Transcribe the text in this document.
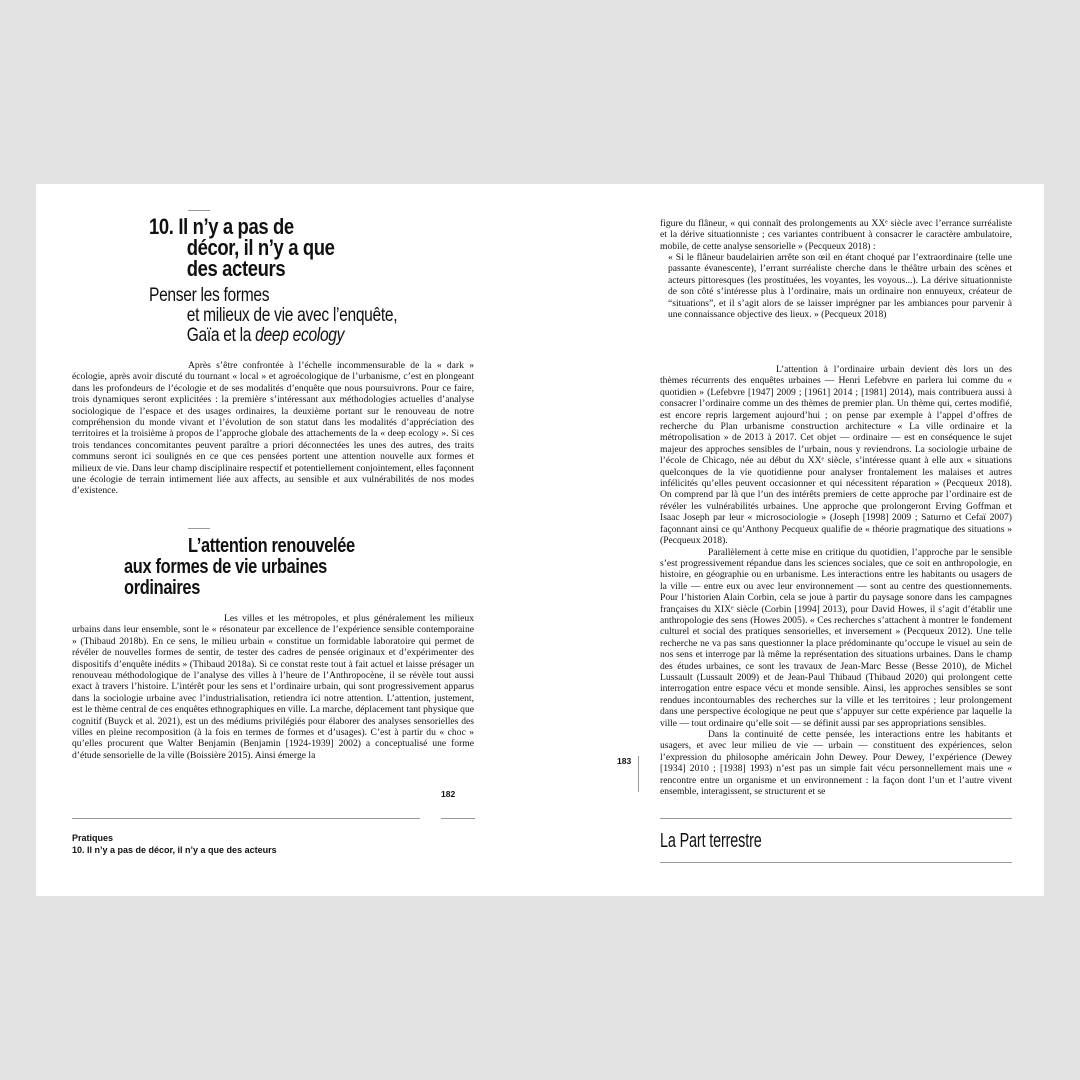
10. Il n’y a pas de
décor, il n’y a que
des acteurs
Penser les formes
et milieux de vie avec l’enquête,
Gaïa et la deep ecology
Après s’être confrontée à l’échelle incommensurable de la « dark » écologie, après avoir discuté du tournant « local » et agroécologique de l’urbanisme, c’est en plongeant dans les profondeurs de l’écologie et de ses modalités d’enquête que nous poursuivrons. Pour ce faire, trois dynamiques seront explicitées : la première s’intéressant aux méthodologies actuelles d’analyse sociologique de l’espace et des usages ordinaires, la deuxième portant sur le renouveau de notre compréhension du monde vivant et l’évolution de son statut dans les modalités d’appréciation des territoires et la troisième à propos de l’approche globale des attachements de la « deep ecology ». Si ces trois tendances concomitantes peuvent paraître a priori déconnectées les unes des autres, des traits communs seront ici soulignés en ce que ces pensées portent une attention nouvelle aux formes et milieux de vie. Dans leur champ disciplinaire respectif et potentiellement conjointement, elles façonnent une écologie de terrain intimement liée aux affects, au sensible et aux vulnérabilités de nos modes d’existence.
L’attention renouvelée
aux formes de vie urbaines
ordinaires
Les villes et les métropoles, et plus généralement les milieux urbains dans leur ensemble, sont le « résonateur par excellence de l’expérience sensible contemporaine » (Thibaud 2018b). En ce sens, le milieu urbain « constitue un formidable laboratoire qui permet de révéler de nouvelles formes de sentir, de tester des cadres de pensée originaux et d’expérimenter des dispositifs d’enquête inédits » (Thibaud 2018a). Si ce constat reste tout à fait actuel et laisse présager un renouveau méthodologique de l’analyse des villes à l’heure de l’Anthropocène, il se révèle tout aussi exact à travers l’histoire. L’intérêt pour les sens et l’ordinaire urbain, qui sont progressivement apparus dans la sociologie urbaine avec l’industrialisation, retiendra ici notre attention. L’attention, justement, est le thème central de ces enquêtes ethnographiques en ville. La marche, déplacement tant physique que cognitif (Buyck et al. 2021), est un des médiums privilégiés pour élaborer des analyses sensorielles des villes en pleine recomposition (à la fois en termes de formes et d’usages). C’est à partir du « choc » qu’elles procurent que Walter Benjamin (Benjamin [1924-1939] 2002) a conceptualisé une forme d’étude sensorielle de la ville (Boissière 2015). Ainsi émerge la
182
Pratiques
10. Il n’y a pas de décor, il n’y a que des acteurs
figure du flâneur, « qui connaît des prolongements au XXᵉ siècle avec l’errance surréaliste et la dérive situationniste ; ces variantes contribuent à consacrer le caractère ambulatoire, mobile, de cette analyse sensorielle » (Pecqueux 2018) :
« Si le flâneur baudelairien arrête son œil en étant choqué par l’extraordinaire (telle une passante évanescente), l’errant surréaliste cherche dans le théâtre urbain des scènes et acteurs pittoresques (les prostituées, les voyantes, les voyous...). La dérive situationniste de son côté s’intéresse plus à l’ordinaire, mais un ordinaire non ennuyeux, créateur de “situations”, et il s’agit alors de se laisser imprégner par les ambiances pour parvenir à une connaissance objective des lieux. » (Pecqueux 2018)
L’attention à l’ordinaire urbain devient dès lors un des thèmes récurrents des enquêtes urbaines — Henri Lefebvre en parlera lui comme du « quotidien » (Lefebvre [1947] 2009 ; [1961] 2014 ; [1981] 2014), mais contribuera aussi à consacrer l’ordinaire comme un des thèmes de premier plan. Un thème qui, certes modifié, est encore repris largement aujourd’hui ; on pense par exemple à l’appel d’offres de recherche du Plan urbanisme construction architecture « La ville ordinaire et la métropolisation » de 2013 à 2017. Cet objet — ordinaire — est en conséquence le sujet majeur des approches sensibles de l’urbain, nous y reviendrons. La sociologie urbaine de l’école de Chicago, née au début du XXᵉ siècle, s’intéresse quant à elle aux « situations quelconques de la vie quotidienne pour analyser frontalement les malaises et autres infélicités qu’elles peuvent occasionner et qui nécessitent réparation » (Pecqueux 2018). On comprend par là que l’un des intérêts premiers de cette approche par l’ordinaire est de révéler les vulnérabilités urbaines. Une approche que prolongeront Erving Goffman et Isaac Joseph par leur « microsociologie » (Joseph [1998] 2009 ; Saturno et Cefaï 2007) façonnant ainsi ce qu’Anthony Pecqueux qualifie de « théorie pragmatique des situations » (Pecqueux 2018).
Parallèlement à cette mise en critique du quotidien, l’approche par le sensible s’est progressivement répandue dans les sciences sociales, que ce soit en anthropologie, en histoire, en géographie ou en urbanisme. Les interactions entre les habitants ou usagers de la ville — entre eux ou avec leur environnement — sont au centre des questionnements. Pour l’historien Alain Corbin, cela se joue à partir du paysage sonore dans les campagnes françaises du XIXᵉ siècle (Corbin [1994] 2013), pour David Howes, il s’agit d’établir une anthropologie des sens (Howes 2005). « Ces recherches s’attachent à montrer le fondement culturel et social des pratiques sensorielles, et inversement » (Pecqueux 2012). Une telle recherche ne va pas sans questionner la place prédominante qu’occupe le visuel au sein de nos sens et interroge par là même la représentation des situations urbaines. Dans le champ des études urbaines, ce sont les travaux de Jean-Marc Besse (Besse 2010), de Michel Lussault (Lussault 2009) et de Jean-Paul Thibaud (Thibaud 2020) qui prolongent cette interrogation entre espace vécu et monde sensible. Ainsi, les approches sensibles se sont rendues incontournables des recherches sur la ville et les territoires ; leur prolongement dans une perspective écologique ne peut que s’appuyer sur cette expérience par laquelle la ville — tout ordinaire qu’elle soit — se définit aussi par ses appropriations sensibles.
Dans la continuité de cette pensée, les interactions entre les habitants et usagers, et avec leur milieu de vie — urbain — constituent des expériences, selon l’expression du philosophe américain John Dewey. Pour Dewey, l’expérience (Dewey [1934] 2010 ; [1938] 1993) n’est pas un simple fait vécu personnellement mais une « rencontre entre un organisme et un environnement : la façon dont l’un et l’autre vivent ensemble, interagissent, se structurent et se
183
La Part terrestre
